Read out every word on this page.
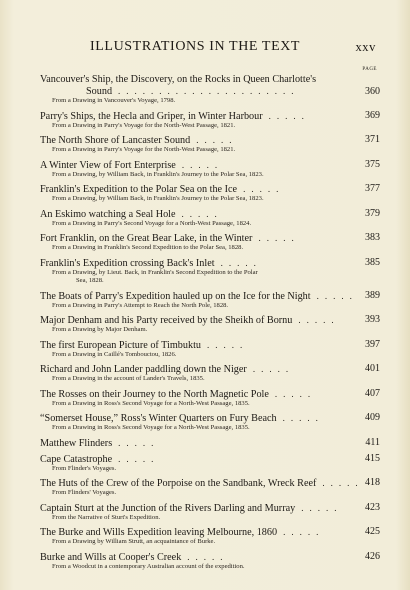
ILLUSTRATIONS IN THE TEXT	xxv
PAGE
Vancouver's Ship, the Discovery, on the Rocks in Queen Charlotte's
Sound ......................	360
From a Drawing in Vancouver's Voyage, 1798.
Parry's Ships, the Hecla and Griper, in Winter Harbour .....	369
From a Drawing in Parry's Voyage for the North-West Passage, 1821.
The North Shore of Lancaster Sound .....	371
From a Drawing in Parry's Voyage for the North-West Passage, 1821.
A Winter View of Fort Enterprise .....	375
From a Drawing, by William Back, in Franklin's Journey to the Polar Sea, 1823.
Franklin's Expedition to the Polar Sea on the Ice .....	377
From a Drawing, by William Back, in Franklin's Journey to the Polar Sea, 1823.
An Eskimo watching a Seal Hole .....	379
From a Drawing in Parry's Second Voyage for a North-West Passage, 1824.
Fort Franklin, on the Great Bear Lake, in the Winter .....	383
From a Drawing in Franklin's Second Expedition to the Polar Sea, 1828.
Franklin's Expedition crossing Back's Inlet .....	385
From a Drawing, by Lieut. Back, in Franklin's Second Expedition to the Polar
Sea, 1828.
The Boats of Parry's Expedition hauled up on the Ice for the Night ..... 389
From a Drawing in Parry's Attempt to Reach the North Pole, 1828.
Major Denham and his Party received by the Sheikh of Bornu .....	393
From a Drawing by Major Denham.
The first European Picture of Timbuktu .....	397
From a Drawing in Caillé's Tombouctou, 1826.
Richard and John Lander paddling down the Niger .....	401
From a Drawing in the account of Lander's Travels, 1835.
The Rosses on their Journey to the North Magnetic Pole .....	407
From a Drawing in Ross's Second Voyage for a North-West Passage, 1835.
“Somerset House,” Ross's Winter Quarters on Fury Beach .....	409
From a Drawing in Ross's Second Voyage for a North-West Passage, 1835.
Matthew Flinders .....	411
Cape Catastrophe .....	415
From Flinder's Voyages.
The Huts of the Crew of the Porpoise on the Sandbank, Wreck Reef ..... 418
From Flinders' Voyages.
Captain Sturt at the Junction of the Rivers Darling and Murray .....	423
From the Narrative of Sturt's Expedition.
The Burke and Wills Expedition leaving Melbourne, 1860 .....	425
From a Drawing by William Strutt, an acquaintance of Burke.
Burke and Wills at Cooper's Creek .....	426
From a Woodcut in a contemporary Australian account of the expedition.
